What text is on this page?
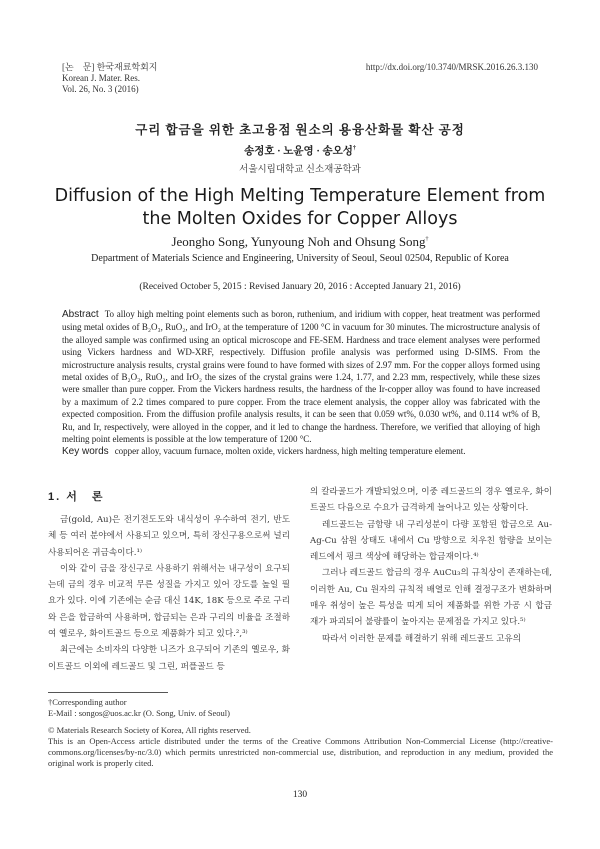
[논　문] 한국재료학회지
Korean J. Mater. Res.
Vol. 26, No. 3 (2016)
http://dx.doi.org/10.3740/MRSK.2016.26.3.130
구리 합금을 위한 초고융점 원소의 용융산화물 확산 공정
송정호 · 노윤영 · 송오성†
서울시립대학교 신소재공학과
Diffusion of the High Melting Temperature Element from the Molten Oxides for Copper Alloys
Jeongho Song, Yunyoung Noh and Ohsung Song†
Department of Materials Science and Engineering, University of Seoul, Seoul 02504, Republic of Korea
(Received October 5, 2015 : Revised January 20, 2016 : Accepted January 21, 2016)
Abstract To alloy high melting point elements such as boron, ruthenium, and iridium with copper, heat treatment was performed using metal oxides of B₂O₃, RuO₂, and IrO₂ at the temperature of 1200 °C in vacuum for 30 minutes. The microstructure analysis of the alloyed sample was confirmed using an optical microscope and FE-SEM. Hardness and trace element analyses were performed using Vickers hardness and WD-XRF, respectively. Diffusion profile analysis was performed using D-SIMS. From the microstructure analysis results, crystal grains were found to have formed with sizes of 2.97 mm. For the copper alloys formed using metal oxides of B₂O₃, RuO₂, and IrO₂ the sizes of the crystal grains were 1.24, 1.77, and 2.23 mm, respectively, while these sizes were smaller than pure copper. From the Vickers hardness results, the hardness of the Ir-copper alloy was found to have increased by a maximum of 2.2 times compared to pure copper. From the trace element analysis, the copper alloy was fabricated with the expected composition. From the diffusion profile analysis results, it can be seen that 0.059 wt%, 0.030 wt%, and 0.114 wt% of B, Ru, and Ir, respectively, were alloyed in the copper, and it led to change the hardness. Therefore, we verified that alloying of high melting point elements is possible at the low temperature of 1200 °C.
Key words copper alloy, vacuum furnace, molten oxide, vickers hardness, high melting temperature element.
1. 서　론

금(gold, Au)은 전기전도도와 내식성이 우수하여 전기, 반도체 등 여러 분야에서 사용되고 있으며, 특히 장신구용으로써 널리 사용되어온 귀금속이다.¹⁾

이와 같이 금을 장신구로 사용하기 위해서는 내구성이 요구되는데 금의 경우 비교적 무른 성질을 가지고 있어 강도를 높일 필요가 있다. 이에 기존에는 순금 대신 14K, 18K 등으로 주로 구리와 은을 합금하여 사용하며, 합금되는 은과 구리의 비율을 조절하여 옐로우, 화이트골드 등으로 제품화가 되고 있다.²,³⁾

최근에는 소비자의 다양한 니즈가 요구되어 기존의 옐로우, 화이트골드 이외에 레드골드 및 그린, 퍼플골드 등

의 칼라골드가 개발되었으며, 이중 레드골드의 경우 옐로우, 화이트골드 다음으로 수요가 급격하게 늘어나고 있는 상황이다.

레드골드는 금함량 내 구리성분이 다량 포함된 합금으로 Au-Ag-Cu 삼원 상태도 내에서 Cu 방향으로 치우친 함량을 보이는 레드에서 핑크 색상에 해당하는 합금재이다.⁴⁾

그러나 레드골드 합금의 경우 AuCu₃의 규칙상이 존재하는데, 이러한 Au, Cu 원자의 규칙적 배열로 인해 결정구조가 변화하며 매우 취성이 높은 특성을 띠게 되어 제품화를 위한 가공 시 합금재가 파괴되어 불량률이 높아지는 문제점을 가지고 있다.⁵⁾

따라서 이러한 문제를 해결하기 위해 레드골드 고유의

†Corresponding author
E-Mail : songos@uos.ac.kr (O. Song, Univ. of Seoul)
© Materials Research Society of Korea, All rights reserved.
This is an Open-Access article distributed under the terms of the Creative Commons Attribution Non-Commercial License (http://creative-commons.org/licenses/by-nc/3.0) which permits unrestricted non-commercial use, distribution, and reproduction in any medium, provided the original work is properly cited.
130
